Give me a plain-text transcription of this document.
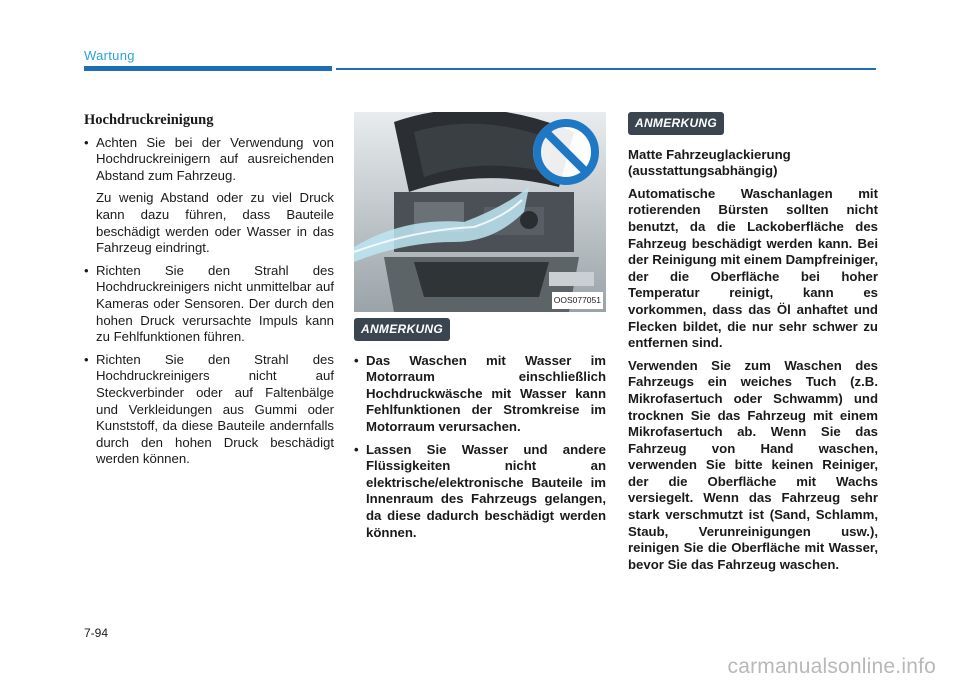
Wartung
Hochdruckreinigung
• Achten Sie bei der Verwendung von Hochdruckreinigern auf ausreichenden Abstand zum Fahrzeug.
Zu wenig Abstand oder zu viel Druck kann dazu führen, dass Bauteile beschädigt werden oder Wasser in das Fahrzeug eindringt.
• Richten Sie den Strahl des Hochdruckreinigers nicht unmittelbar auf Kameras oder Sensoren. Der durch den hohen Druck verursachte Impuls kann zu Fehlfunktionen führen.
• Richten Sie den Strahl des Hochdruckreinigers nicht auf Steckverbinder oder auf Faltenbälge und Verkleidungen aus Gummi oder Kunststoff, da diese Bauteile andernfalls durch den hohen Druck beschädigt werden können.
OOS077051
ANMERKUNG
• Das Waschen mit Wasser im Motorraum einschließlich Hochdruckwäsche mit Wasser kann Fehlfunktionen der Stromkreise im Motorraum verursachen.
• Lassen Sie Wasser und andere Flüssigkeiten nicht an elektrische/elektronische Bauteile im Innenraum des Fahrzeugs gelangen, da diese dadurch beschädigt werden können.
ANMERKUNG

Matte Fahrzeuglackierung (ausstattungsabhängig)

Automatische Waschanlagen mit rotierenden Bürsten sollten nicht benutzt, da die Lackoberfläche des Fahrzeug beschädigt werden kann. Bei der Reinigung mit einem Dampfreiniger, der die Oberfläche bei hoher Temperatur reinigt, kann es vorkommen, dass das Öl anhaftet und Flecken bildet, die nur sehr schwer zu entfernen sind.

Verwenden Sie zum Waschen des Fahrzeugs ein weiches Tuch (z.B. Mikrofasertuch oder Schwamm) und trocknen Sie das Fahrzeug mit einem Mikrofasertuch ab. Wenn Sie das Fahrzeug von Hand waschen, verwenden Sie bitte keinen Reiniger, der die Oberfläche mit Wachs versiegelt. Wenn das Fahrzeug sehr stark verschmutzt ist (Sand, Schlamm, Staub, Verunreinigungen usw.), reinigen Sie die Oberfläche mit Wasser, bevor Sie das Fahrzeug waschen.

7-94
carmanualsonline.info
